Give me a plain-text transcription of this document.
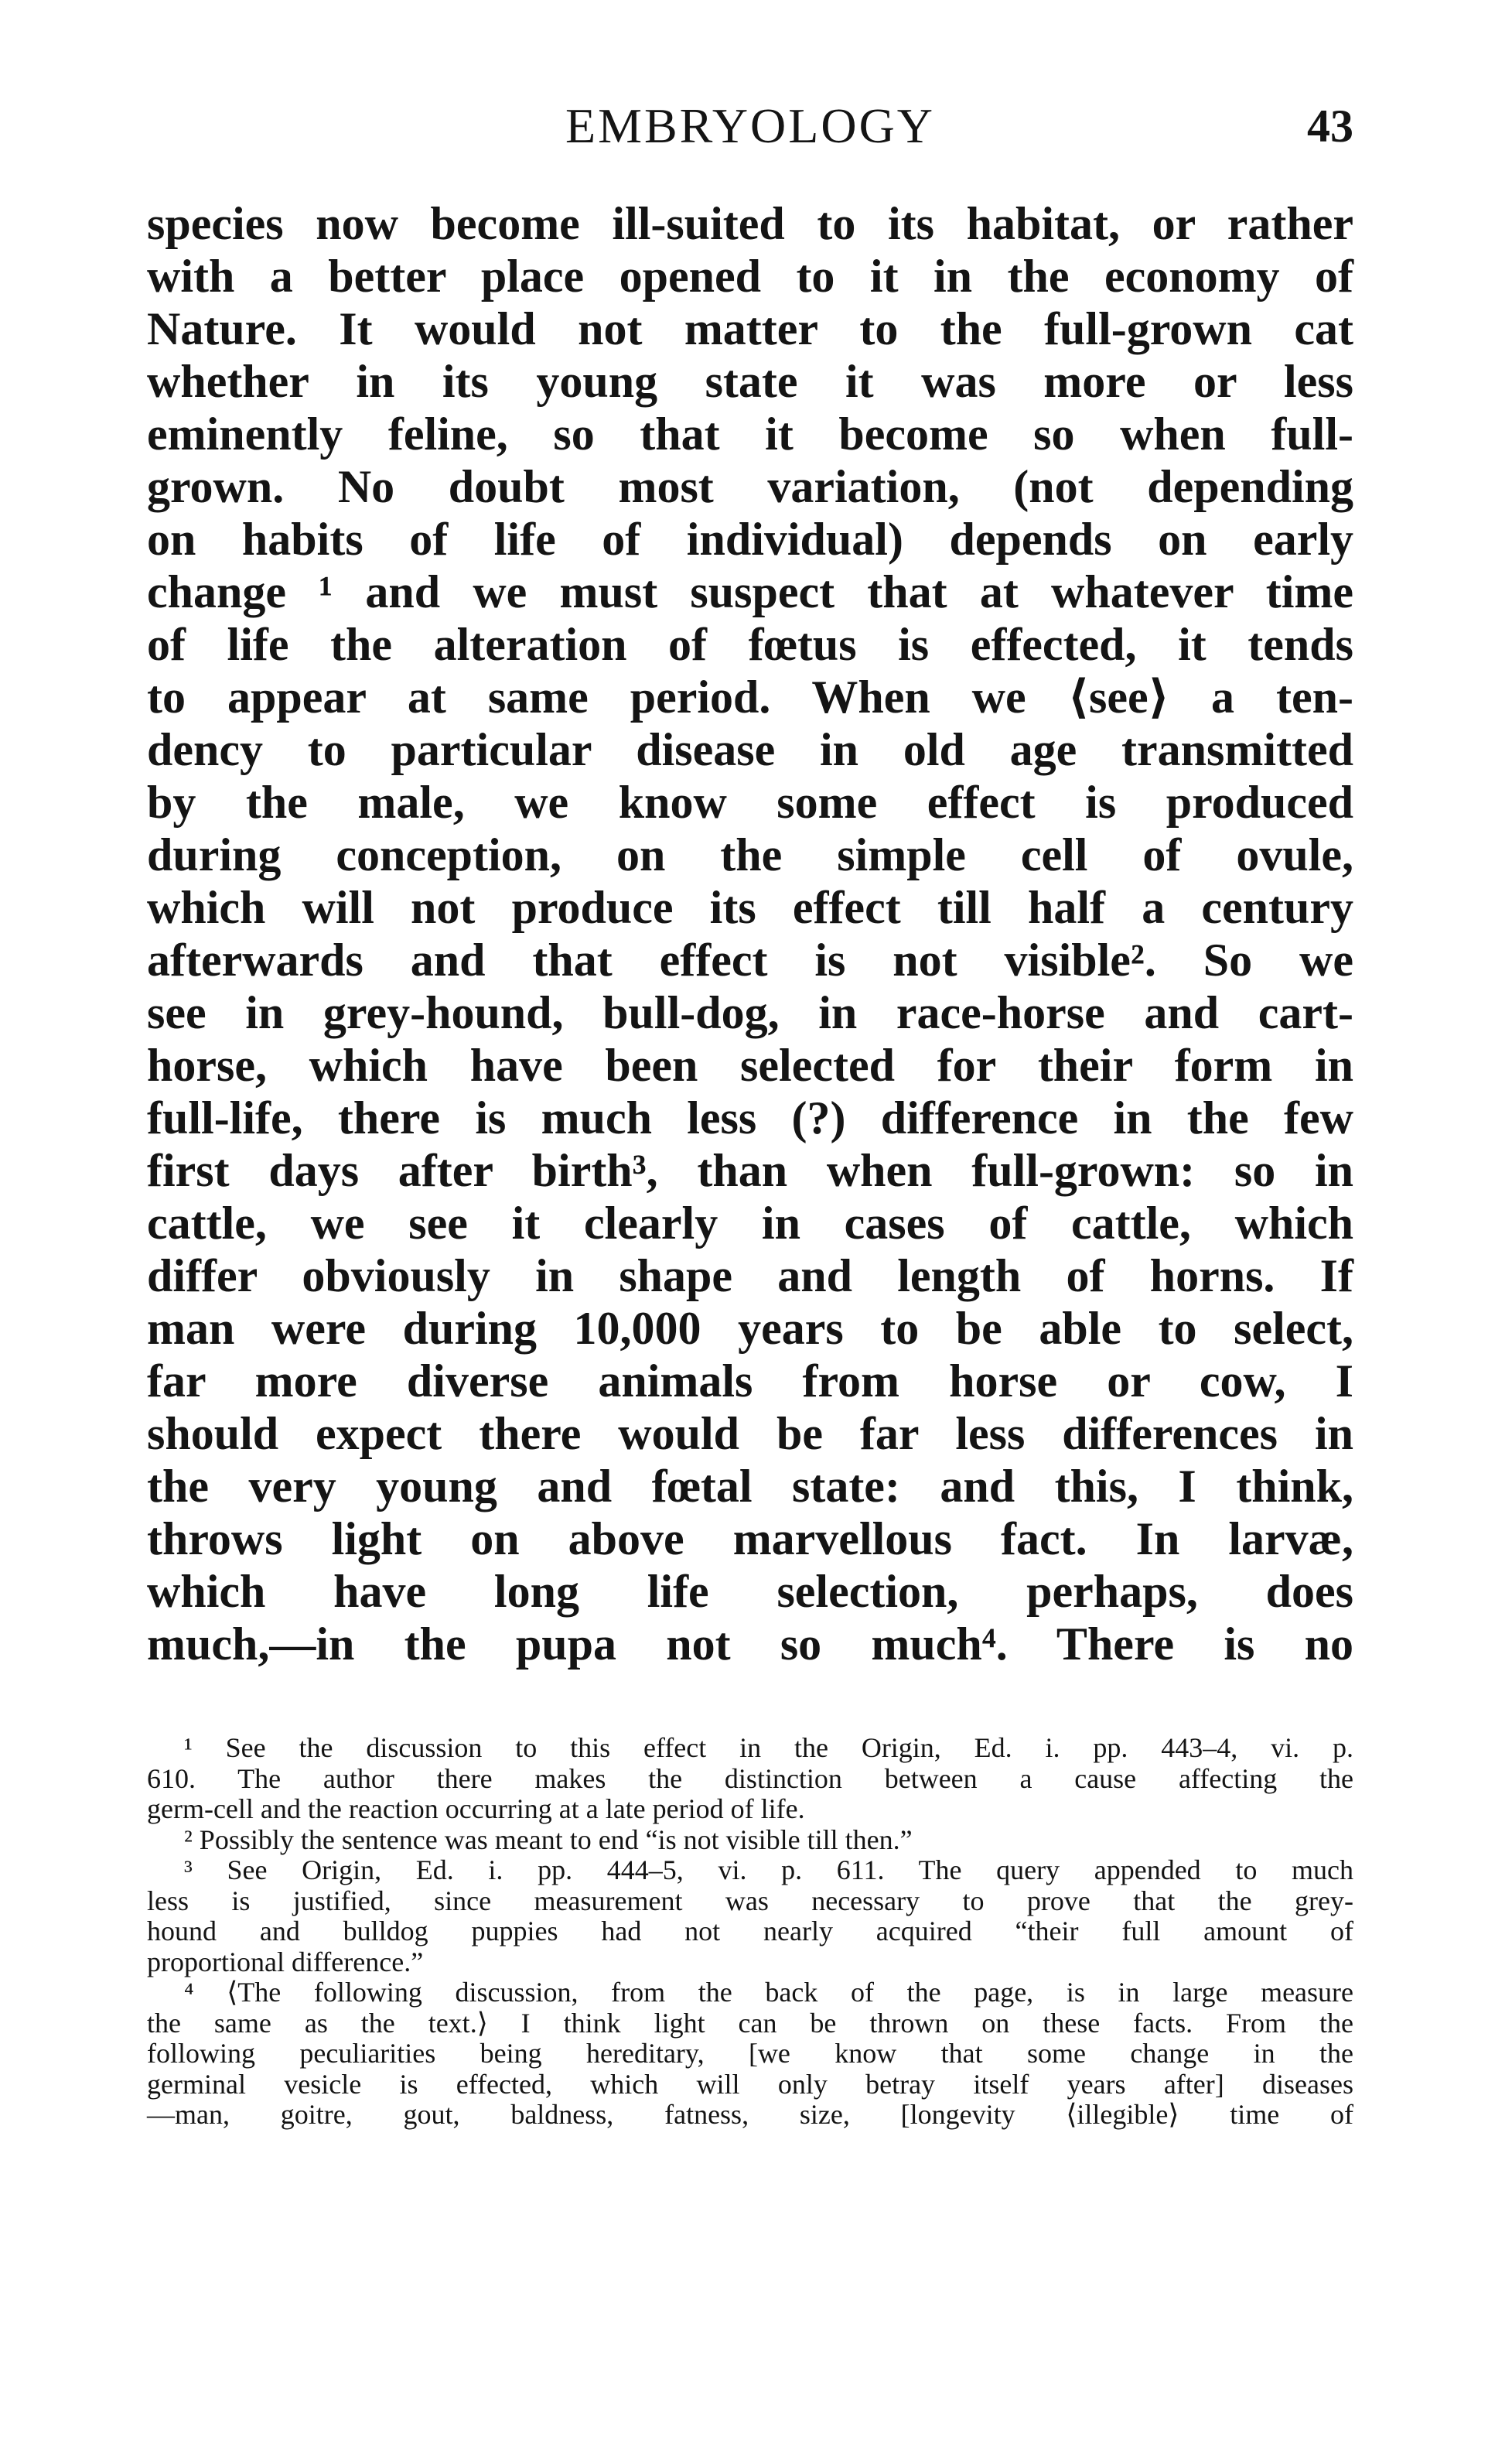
EMBRYOLOGY	43
species now become ill-suited to its habitat, or rather
with a better place opened to it in the economy of
Nature. It would not matter to the full-grown cat
whether in its young state it was more or less
eminently feline, so that it become so when full-
grown. No doubt most variation, (not depending
on habits of life of individual) depends on early
change ¹ and we must suspect that at whatever time
of life the alteration of fœtus is effected, it tends
to appear at same period. When we ⟨see⟩ a ten-
dency to particular disease in old age transmitted
by the male, we know some effect is produced
during conception, on the simple cell of ovule,
which will not produce its effect till half a century
afterwards and that effect is not visible². So we
see in grey-hound, bull-dog, in race-horse and cart-
horse, which have been selected for their form in
full-life, there is much less (?) difference in the few
first days after birth³, than when full-grown: so in
cattle, we see it clearly in cases of cattle, which
differ obviously in shape and length of horns. If
man were during 10,000 years to be able to select,
far more diverse animals from horse or cow, I
should expect there would be far less differences in
the very young and fœtal state: and this, I think,
throws light on above marvellous fact. In larvæ,
which have long life selection, perhaps, does
much,—in the pupa not so much⁴. There is no
¹ See the discussion to this effect in the Origin, Ed. i. pp. 443–4, vi. p.
610. The author there makes the distinction between a cause affecting the
germ-cell and the reaction occurring at a late period of life.
² Possibly the sentence was meant to end “is not visible till then.”
³ See Origin, Ed. i. pp. 444–5, vi. p. 611. The query appended to much
less is justified, since measurement was necessary to prove that the grey-
hound and bulldog puppies had not nearly acquired “their full amount of
proportional difference.”
⁴ ⟨The following discussion, from the back of the page, is in large measure
the same as the text.⟩ I think light can be thrown on these facts. From the
following peculiarities being hereditary, [we know that some change in the
germinal vesicle is effected, which will only betray itself years after] diseases
—man, goitre, gout, baldness, fatness, size, [longevity ⟨illegible⟩ time of
